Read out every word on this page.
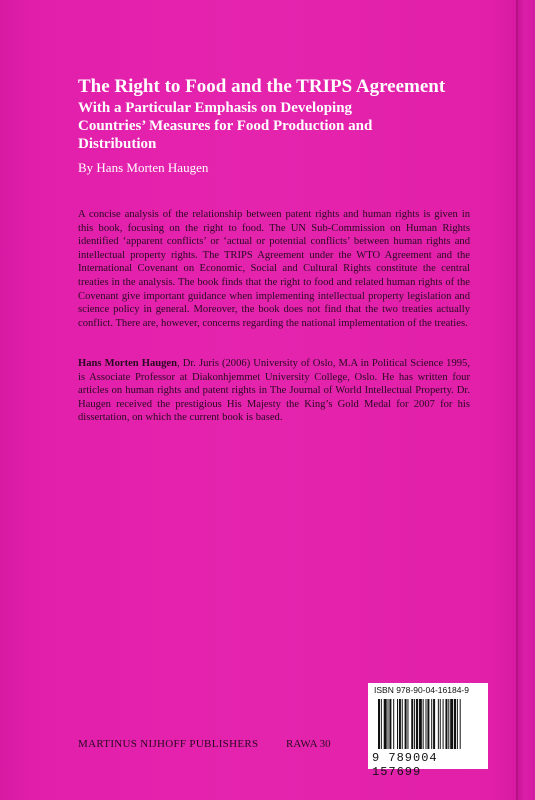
The Right to Food and the TRIPS Agreement
With a Particular Emphasis on Developing Countries’ Measures for Food Production and Distribution
By Hans Morten Haugen
A concise analysis of the relationship between patent rights and human rights is given in this book, focusing on the right to food. The UN Sub-Commission on Human Rights identified ‘apparent conflicts’ or ‘actual or potential conflicts’ between human rights and intellectual property rights. The TRIPS Agreement under the WTO Agreement and the International Covenant on Economic, Social and Cultural Rights constitute the central treaties in the analysis. The book finds that the right to food and related human rights of the Covenant give important guidance when implementing intellectual property legislation and science policy in general. Moreover, the book does not find that the two treaties actually conflict. There are, however, concerns regarding the national implementation of the treaties.
Hans Morten Haugen, Dr. Juris (2006) University of Oslo, M.A in Political Science 1995, is Associate Professor at Diakonhjemmet University College, Oslo. He has written four articles on human rights and patent rights in The Journal of World Intellectual Property. Dr. Haugen received the prestigious His Majesty the King’s Gold Medal for 2007 for his dissertation, on which the current book is based.
ISBN 978-90-04-16184-9
9 789004 157699
MARTINUS NIJHOFF PUBLISHERS	RAWA 30
